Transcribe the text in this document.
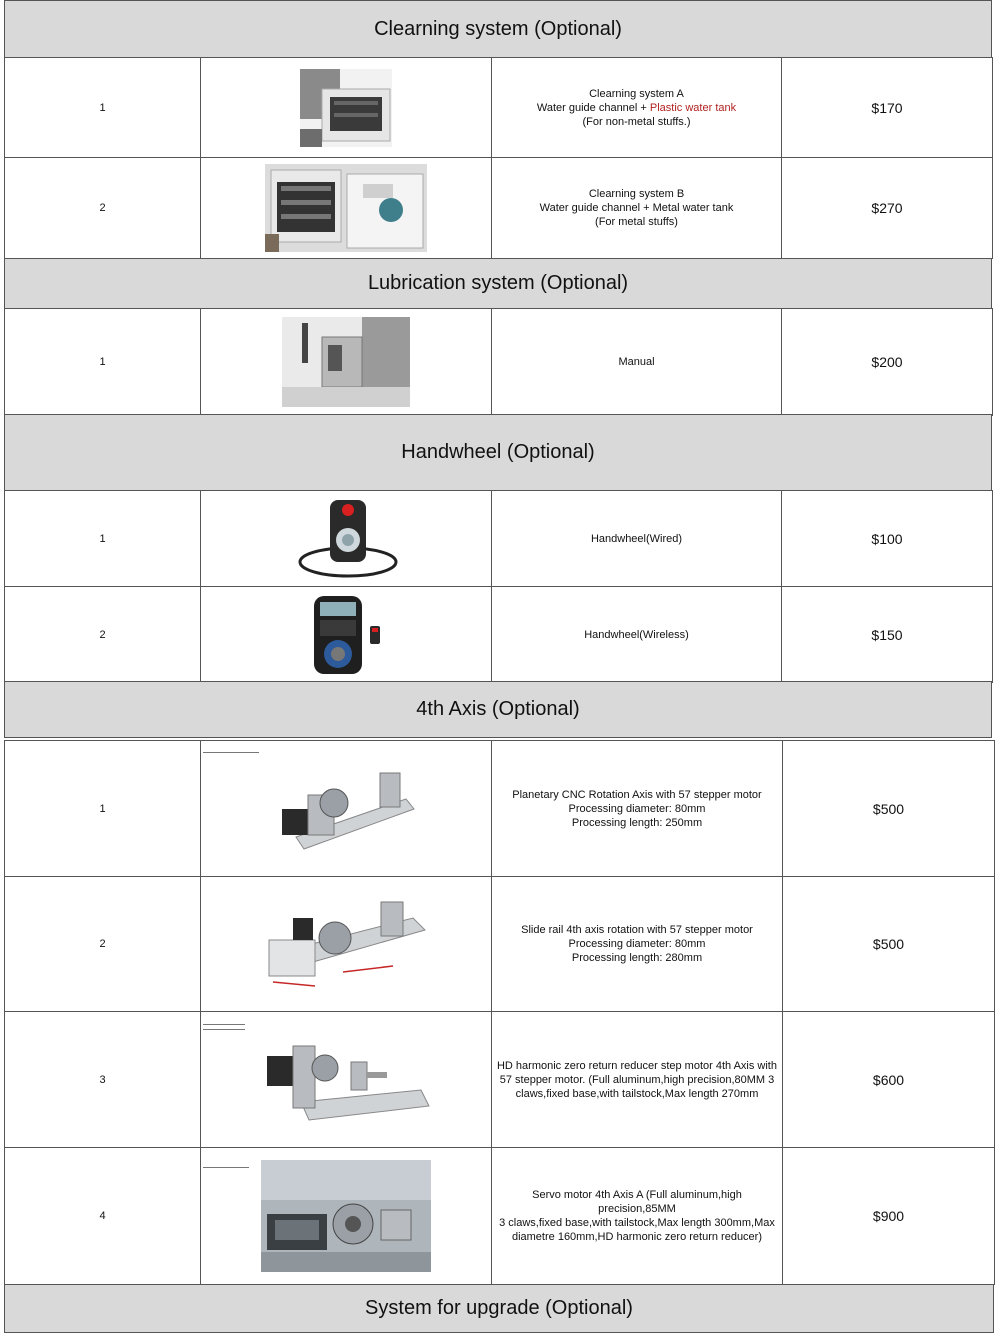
Clearning system (Optional)
1		Clearning system A
Water guide channel + Plastic water tank
(For non-metal stuffs.)	$170
2		Clearning system B
Water guide channel + Metal water tank
(For metal stuffs)	$270
Lubrication system (Optional)
1		Manual	$200
Handwheel (Optional)
1		Handwheel(Wired)	$100
2		Handwheel(Wireless)	$150
4th Axis (Optional)
1		Planetary CNC Rotation Axis with 57 stepper motor
Processing diameter: 80mm
Processing length: 250mm	$500
2		Slide rail 4th axis rotation with 57 stepper motor
Processing diameter: 80mm
Processing length: 280mm	$500
3		HD harmonic zero return reducer step motor 4th Axis with
57 stepper motor. (Full aluminum,high precision,80MM 3
claws,fixed base,with tailstock,Max length 270mm	$600
4		Servo motor 4th Axis A (Full aluminum,high precision,85MM
3 claws,fixed base,with tailstock,Max length 300mm,Max
diametre 160mm,HD harmonic zero return reducer)	$900
System for upgrade (Optional)
